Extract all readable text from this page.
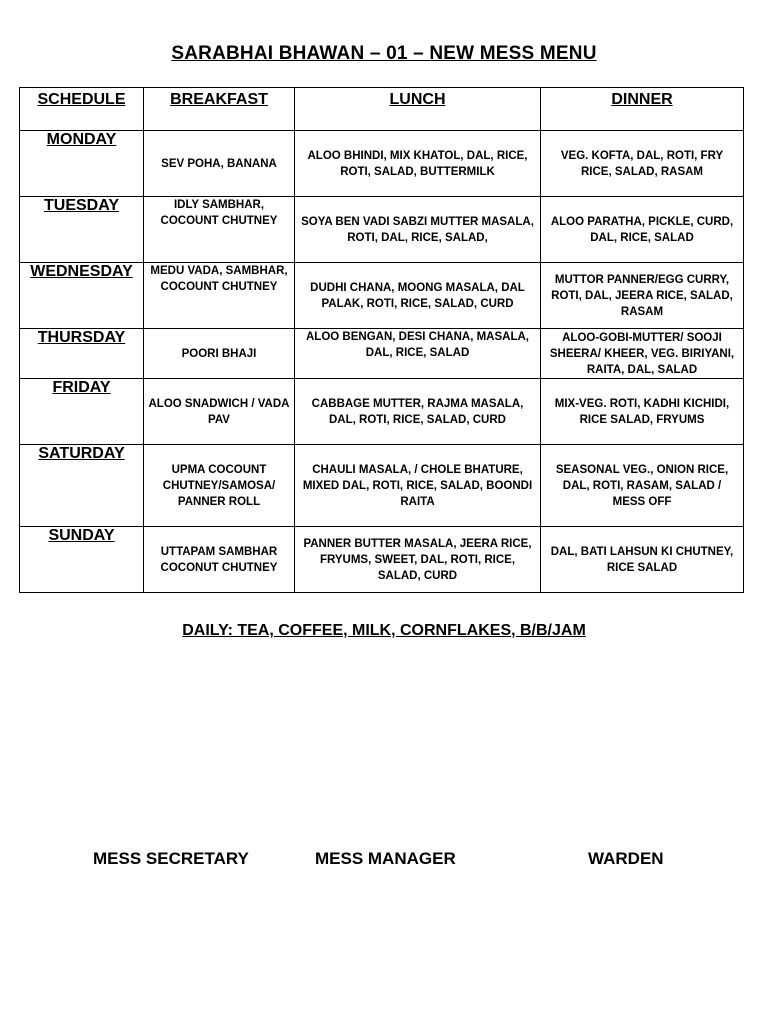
SARABHAI BHAWAN – 01 – NEW MESS MENU
SCHEDULE	BREAKFAST	LUNCH	DINNER
MONDAY	SEV POHA, BANANA	ALOO BHINDI, MIX KHATOL, DAL, RICE, ROTI, SALAD, BUTTERMILK	VEG. KOFTA, DAL, ROTI, FRY RICE, SALAD, RASAM
TUESDAY	IDLY SAMBHAR, COCOUNT CHUTNEY	SOYA BEN VADI SABZI MUTTER MASALA, ROTI, DAL, RICE, SALAD,	ALOO PARATHA, PICKLE, CURD, DAL, RICE, SALAD
WEDNESDAY	MEDU VADA, SAMBHAR, COCOUNT CHUTNEY	DUDHI CHANA, MOONG MASALA, DAL PALAK, ROTI, RICE, SALAD, CURD	MUTTOR PANNER/EGG CURRY, ROTI, DAL, JEERA RICE, SALAD, RASAM
THURSDAY	POORI BHAJI	ALOO BENGAN, DESI CHANA, MASALA, DAL, RICE, SALAD	ALOO-GOBI-MUTTER/ SOOJI SHEERA/ KHEER, VEG. BIRIYANI, RAITA, DAL, SALAD
FRIDAY	ALOO SNADWICH / VADA PAV	CABBAGE MUTTER, RAJMA MASALA, DAL, ROTI, RICE, SALAD, CURD	MIX-VEG. ROTI, KADHI KICHIDI, RICE SALAD, FRYUMS
SATURDAY	UPMA COCOUNT CHUTNEY/SAMOSA/ PANNER ROLL	CHAULI MASALA, / CHOLE BHATURE, MIXED DAL, ROTI, RICE, SALAD, BOONDI RAITA	SEASONAL VEG., ONION RICE, DAL, ROTI, RASAM, SALAD / MESS OFF
SUNDAY	UTTAPAM SAMBHAR COCONUT CHUTNEY	PANNER BUTTER MASALA, JEERA RICE, FRYUMS, SWEET, DAL, ROTI, RICE, SALAD, CURD	DAL, BATI LAHSUN KI CHUTNEY, RICE SALAD
DAILY: TEA, COFFEE, MILK, CORNFLAKES, B/B/JAM
MESS SECRETARY	MESS MANAGER	WARDEN
